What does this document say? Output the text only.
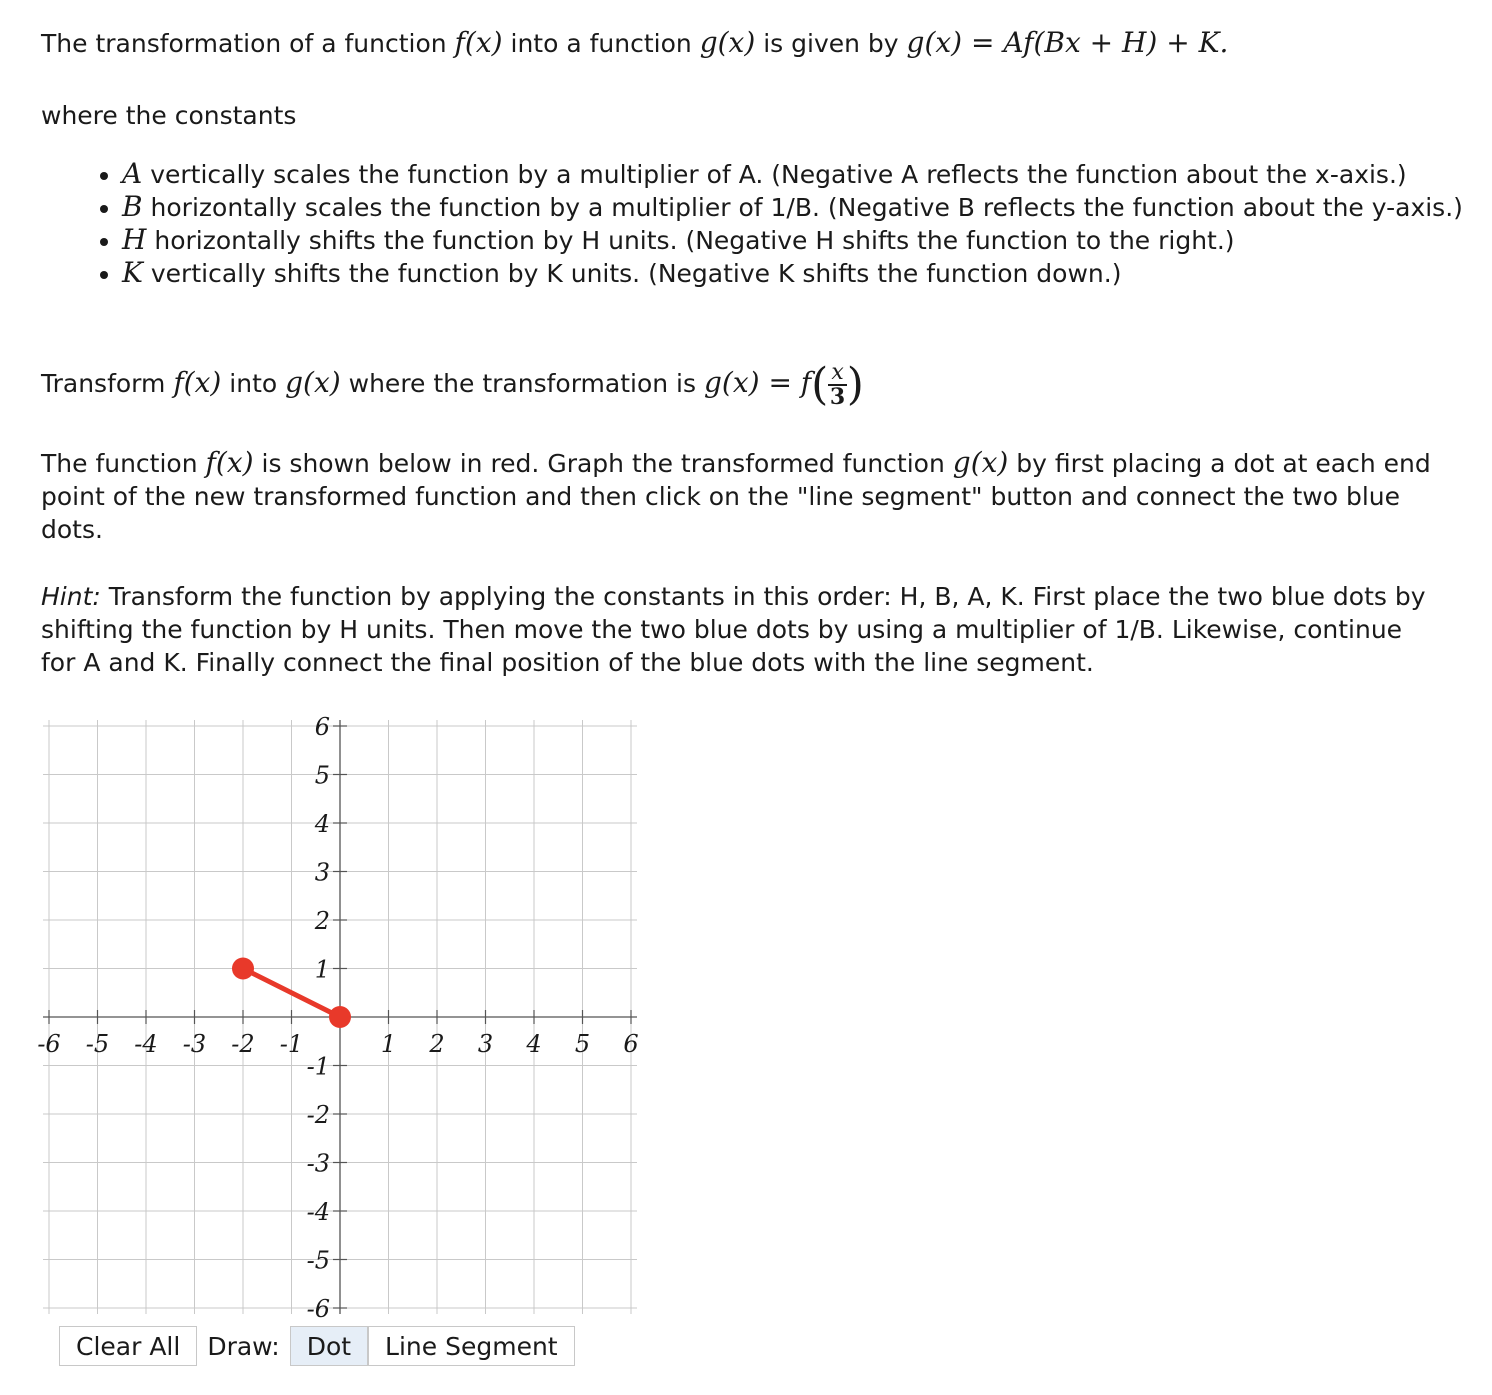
The transformation of a function f(x) into a function g(x) is given by g(x) = Af(Bx + H) + K.

where the constants

• A vertically scales the function by a multiplier of A. (Negative A reflects the function about the x-axis.)
• B horizontally scales the function by a multiplier of 1/B. (Negative B reflects the function about the y-axis.)
• H horizontally shifts the function by H units. (Negative H shifts the function to the right.)
• K vertically shifts the function by K units. (Negative K shifts the function down.)

Transform f(x) into g(x) where the transformation is $g(x) = f( \frac{x}{3}$ )

The function f(x) is shown below in red. Graph the transformed function g(x) by first placing a dot at each end point of the new transformed function and then click on the "line segment" button and connect the two blue dots.

Hint: Transform the function by applying the constants in this order: H, B, A, K. First place the two blue dots by shifting the function by H units. Then move the two blue dots by using a multiplier of 1/B. Likewise, continue for A and K. Finally connect the final position of the blue dots with the line segment.

-6 -5 -4 -3 -2 -1	1 2 3 4 5 6
6
5
4
3
2
1
-1
-2
-3
-4
-5
-6
Clear All	Draw:	Dot	Line Segment
